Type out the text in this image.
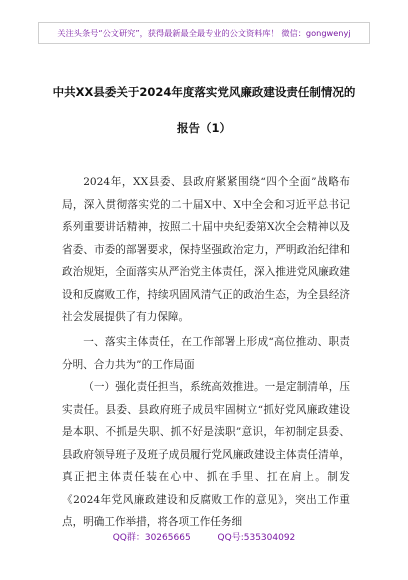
关注头条号“公文研究”，获得最新最全最专业的公文资料库！ 微信：gongwenyj
中共XX县委关于2024年度落实党风廉政建设责任制情况的
报告（1）
2024年，XX县委、县政府紧紧围绕“四个全面”战略布局，深入贯彻落实党的二十届X中、X中全会和习近平总书记系列重要讲话精神，按照二十届中央纪委第X次全会精神以及省委、市委的部署要求，保持坚强政治定力，严明政治纪律和政治规矩，全面落实从严治党主体责任，深入推进党风廉政建设和反腐败工作，持续巩固风清气正的政治生态，为全县经济社会发展提供了有力保障。
一、落实主体责任，在工作部署上形成“高位推动、职责分明、合力共为”的工作局面
（一）强化责任担当，系统高效推进。一是定制清单，压实责任。县委、县政府班子成员牢固树立“抓好党风廉政建设是本职、不抓是失职、抓不好是渎职”意识，年初制定县委、县政府领导班子及班子成员履行党风廉政建设主体责任清单，真正把主体责任装在心中、抓在手里、扛在肩上。制发《2024年党风廉政建设和反腐败工作的意见》，突出工作重点，明确工作举措，将各项工作任务细
QQ群：30265665	QQ号:535304092
